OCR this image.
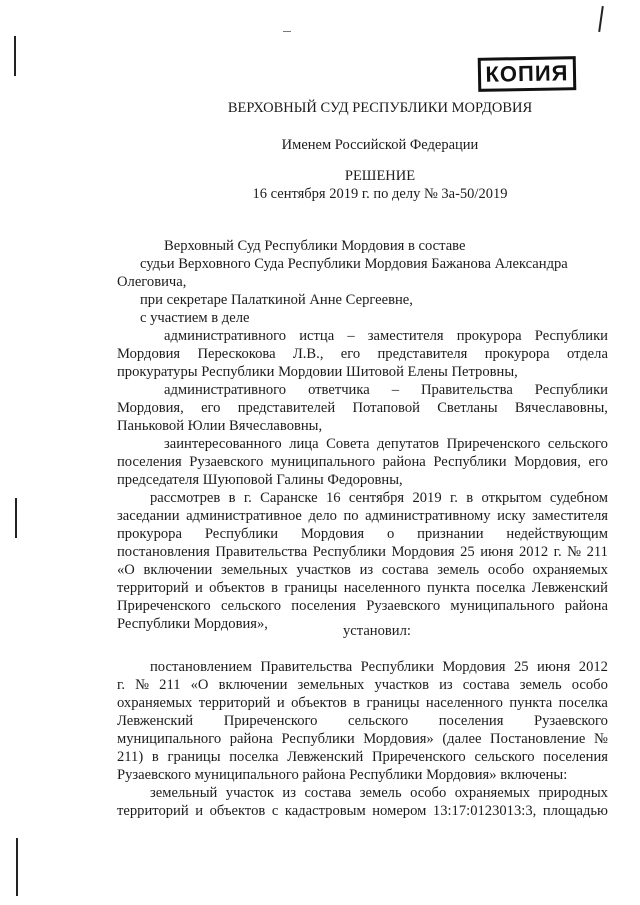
КОПИЯ
ВЕРХОВНЫЙ СУД РЕСПУБЛИКИ МОРДОВИЯ
Именем Российской Федерации
РЕШЕНИЕ
16 сентября 2019 г. по делу № 3а-50/2019
Верховный Суд Республики Мордовия в составе
судьи Верховного Суда Республики Мордовия Бажанова Александра
Олеговича,
при секретаре Палаткиной Анне Сергеевне,
с участием в деле
административного истца – заместителя прокурора Республики
Мордовия Перескокова Л.В., его представителя прокурора отдела
прокуратуры Республики Мордовии Шитовой Елены Петровны,
административного ответчика – Правительства Республики
Мордовия, его представителей Потаповой Светланы Вячеславовны,
Паньковой Юлии Вячеславовны,
заинтересованного лица Совета депутатов Приреченского сельского
поселения Рузаевского муниципального района Республики Мордовия, его
председателя Шуюповой Галины Федоровны,
рассмотрев в г. Саранске 16 сентября 2019 г. в открытом судебном
заседании административное дело по административному иску заместителя
прокурора Республики Мордовия о признании недействующим
постановления Правительства Республики Мордовия 25 июня 2012 г. № 211
«О включении земельных участков из состава земель особо охраняемых
территорий и объектов в границы населенного пункта поселка Левженский
Приреченского сельского поселения Рузаевского муниципального района
Республики Мордовия»,	установил:
постановлением Правительства Республики Мордовия 25 июня 2012
г. № 211 «О включении земельных участков из состава земель особо
охраняемых территорий и объектов в границы населенного пункта поселка
Левженский Приреченского сельского поселения Рузаевского
муниципального района Республики Мордовия» (далее Постановление №
211) в границы поселка Левженский Приреченского сельского поселения
Рузаевского муниципального района Республики Мордовия» включены:
земельный участок из состава земель особо охраняемых природных
территорий и объектов с кадастровым номером 13:17:0123013:3, площадью
